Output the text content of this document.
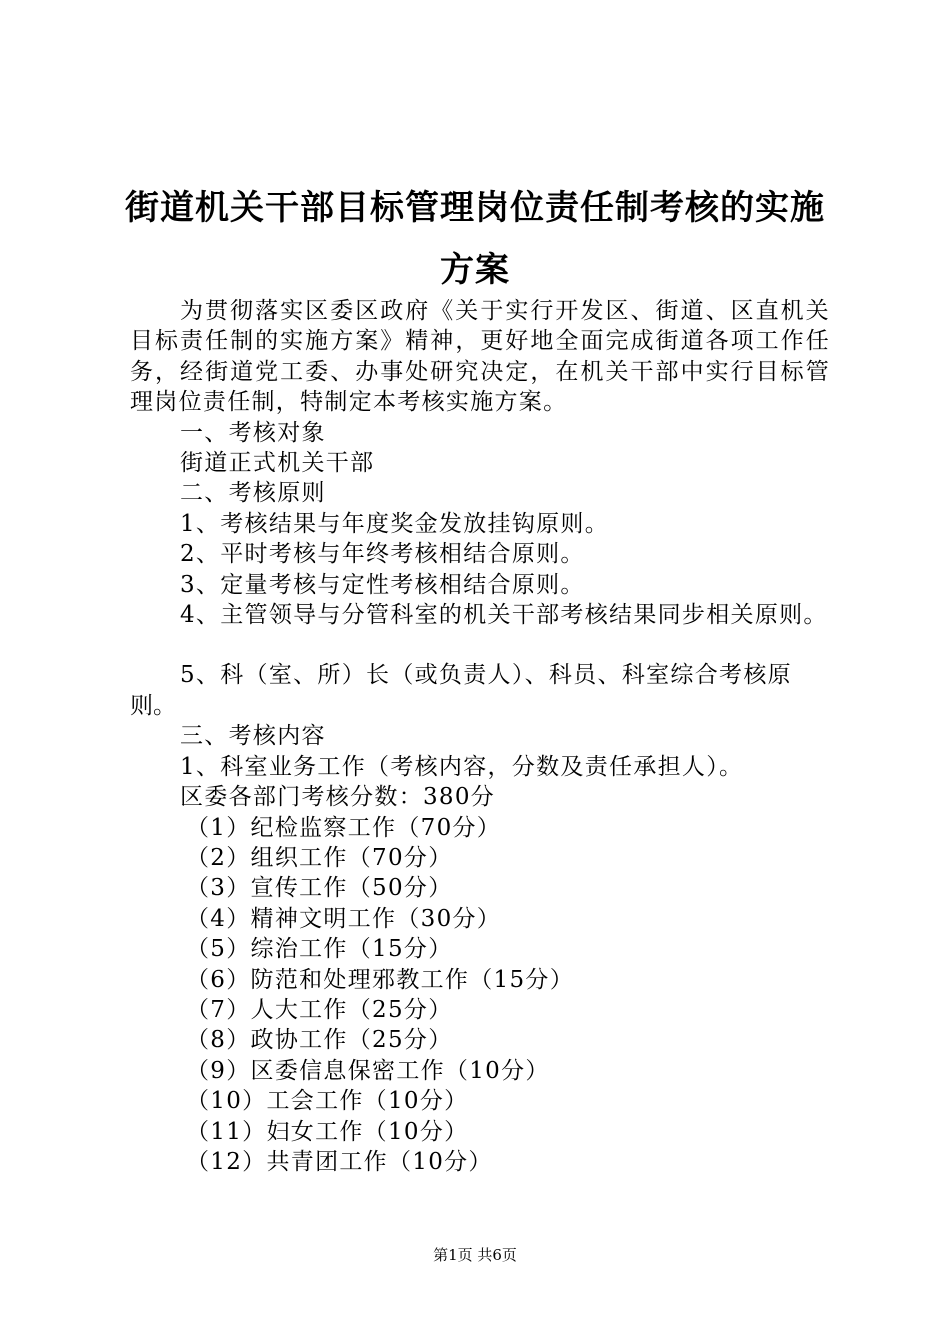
街道机关干部目标管理岗位责任制考核的实施
方案

为贯彻落实区委区政府《关于实行开发区、街道、区直机关目标责任制的实施方案》精神，更好地全面完成街道各项工作任务，经街道党工委、办事处研究决定，在机关干部中实行目标管理岗位责任制，特制定本考核实施方案。

一、考核对象

街道正式机关干部

二、考核原则

1、考核结果与年度奖金发放挂钩原则。

2、平时考核与年终考核相结合原则。

3、定量考核与定性考核相结合原则。

4、主管领导与分管科室的机关干部考核结果同步相关原则。

5、科（室、所）长（或负责人）、科员、科室综合考核原

则。

三、考核内容

1、科室业务工作（考核内容，分数及责任承担人）。

区委各部门考核分数：380分

（1）纪检监察工作（70分）

（2）组织工作（70分）

（3）宣传工作（50分）

（4）精神文明工作（30分）

（5）综治工作（15分）

（6）防范和处理邪教工作（15分）

（7）人大工作（25分）

（8）政协工作（25分）

（9）区委信息保密工作（10分）

（10）工会工作（10分）

（11）妇女工作（10分）

（12）共青团工作（10分）

第1页 共6页
